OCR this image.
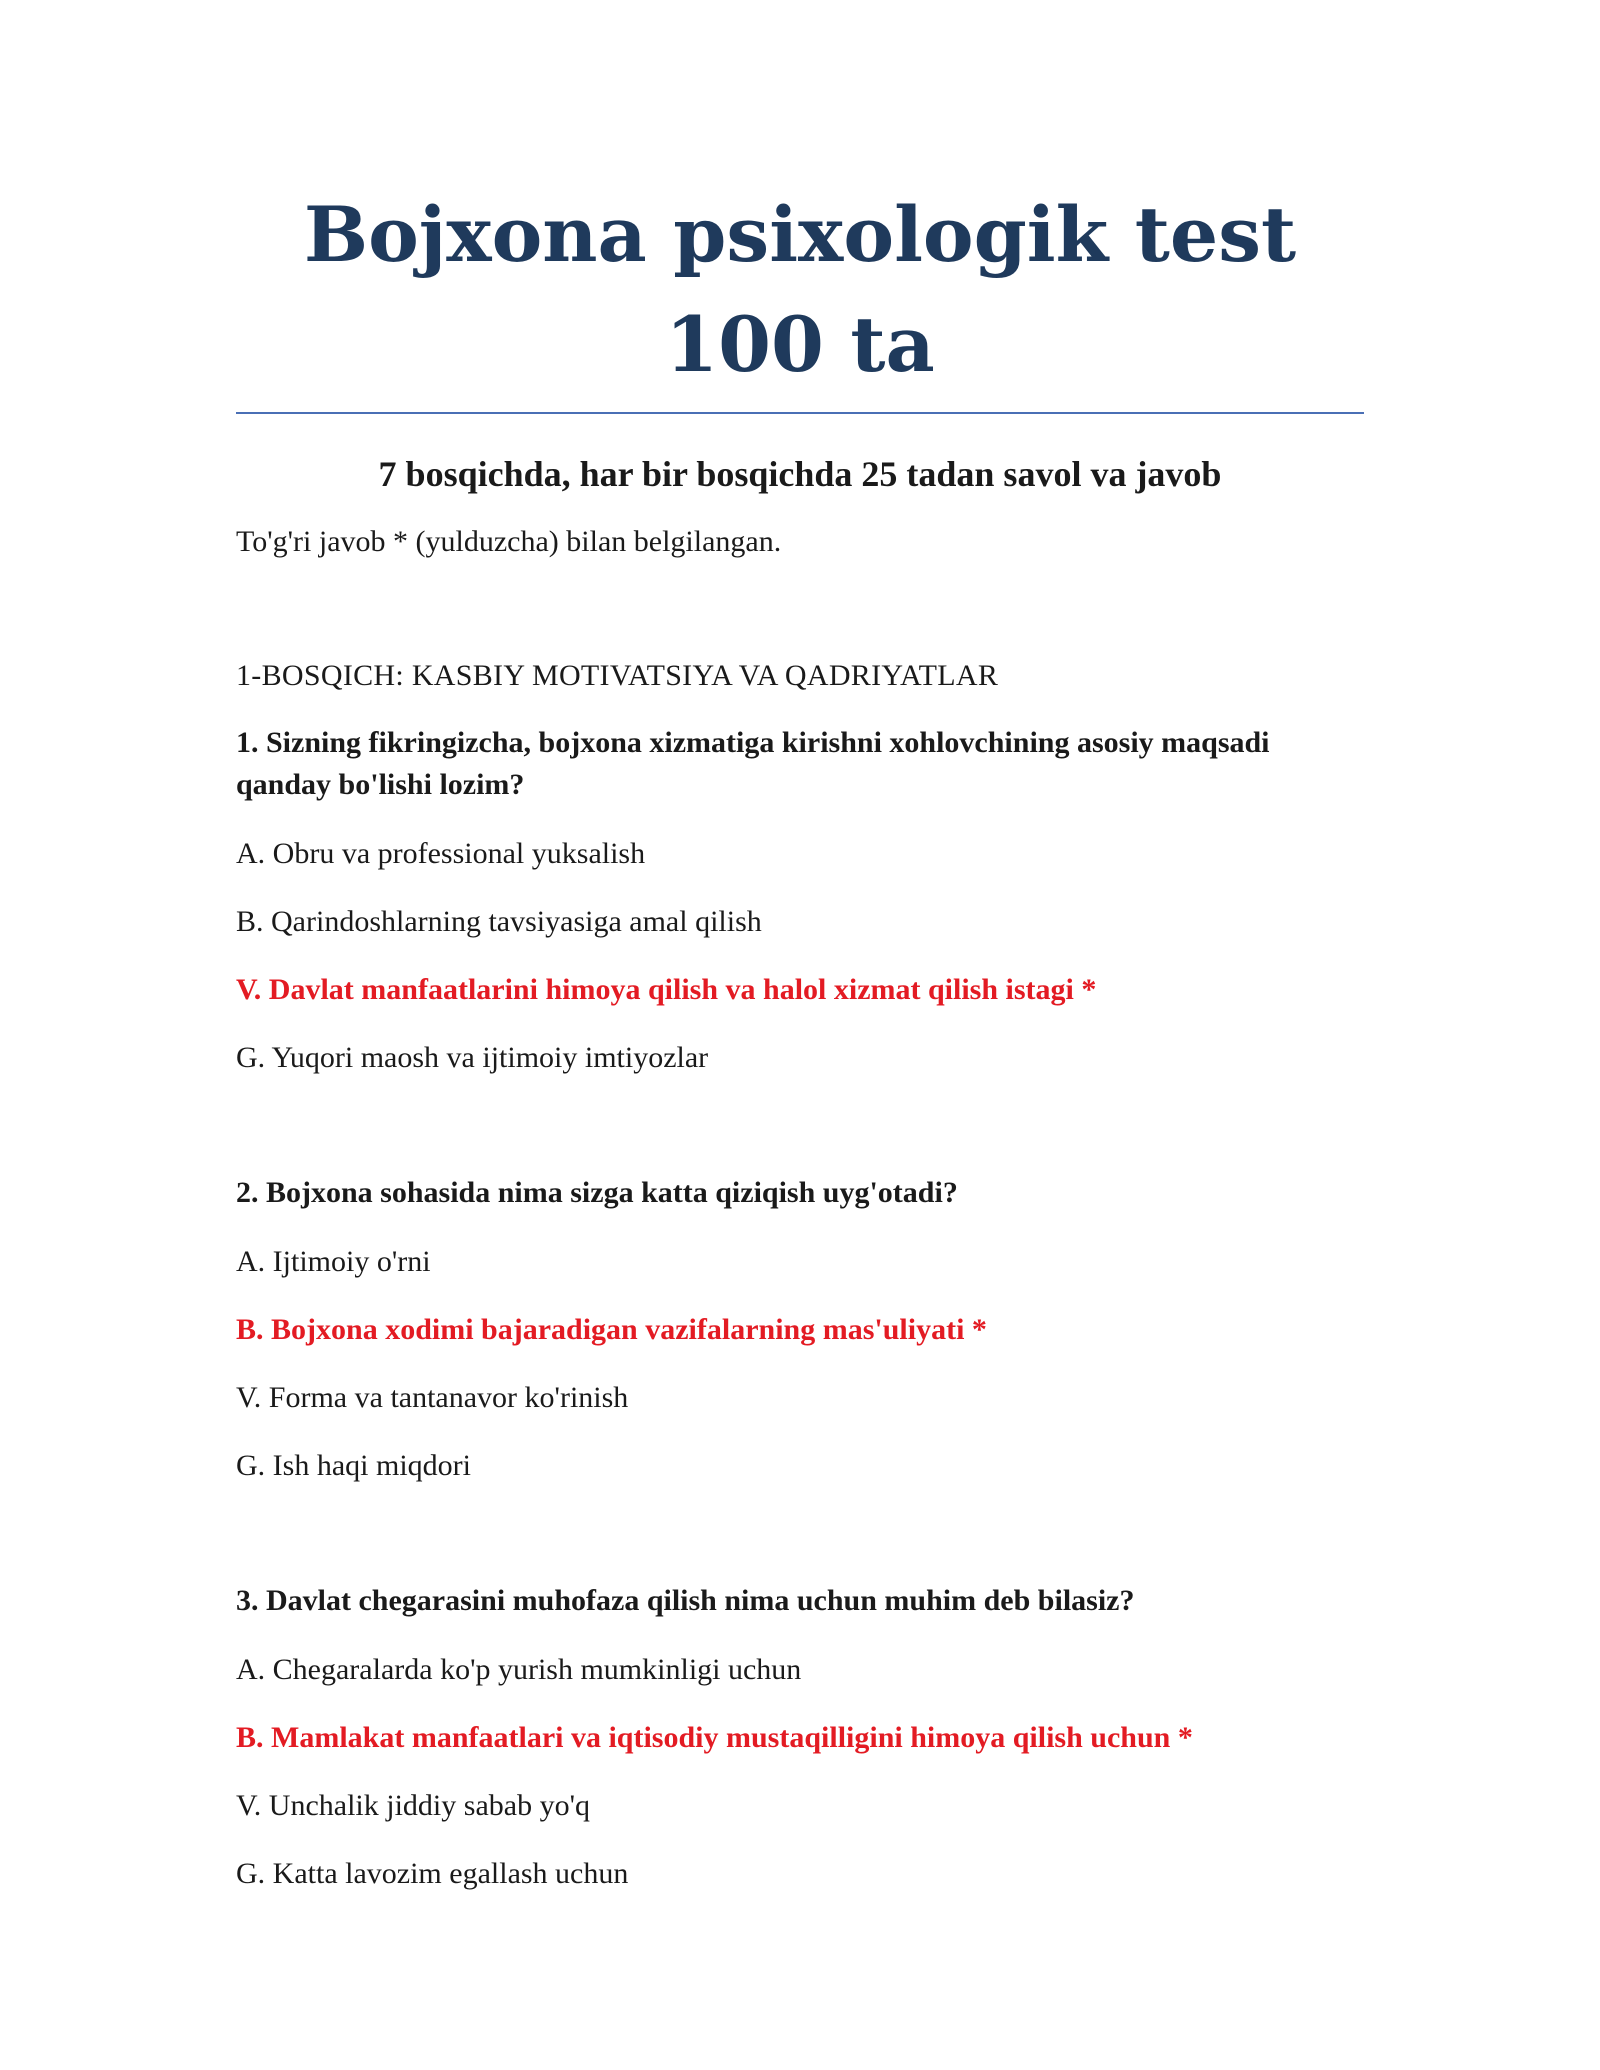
Bojxona psixologik test 100 ta

7 bosqichda, har bir bosqichda 25 tadan savol va javob

To'g'ri javob * (yulduzcha) bilan belgilangan.

1-BOSQICH: KASBIY MOTIVATSIYA VA QADRIYATLAR

1. Sizning fikringizcha, bojxona xizmatiga kirishni xohlovchining asosiy maqsadi qanday bo'lishi lozim?

A. Obru va professional yuksalish

B. Qarindoshlarning tavsiyasiga amal qilish

V. Davlat manfaatlarini himoya qilish va halol xizmat qilish istagi *

G. Yuqori maosh va ijtimoiy imtiyozlar

2. Bojxona sohasida nima sizga katta qiziqish uyg'otadi?

A. Ijtimoiy o'rni

B. Bojxona xodimi bajaradigan vazifalarning mas'uliyati *

V. Forma va tantanavor ko'rinish

G. Ish haqi miqdori

3. Davlat chegarasini muhofaza qilish nima uchun muhim deb bilasiz?

A. Chegaralarda ko'p yurish mumkinligi uchun

B. Mamlakat manfaatlari va iqtisodiy mustaqilligini himoya qilish uchun *

V. Unchalik jiddiy sabab yo'q

G. Katta lavozim egallash uchun
